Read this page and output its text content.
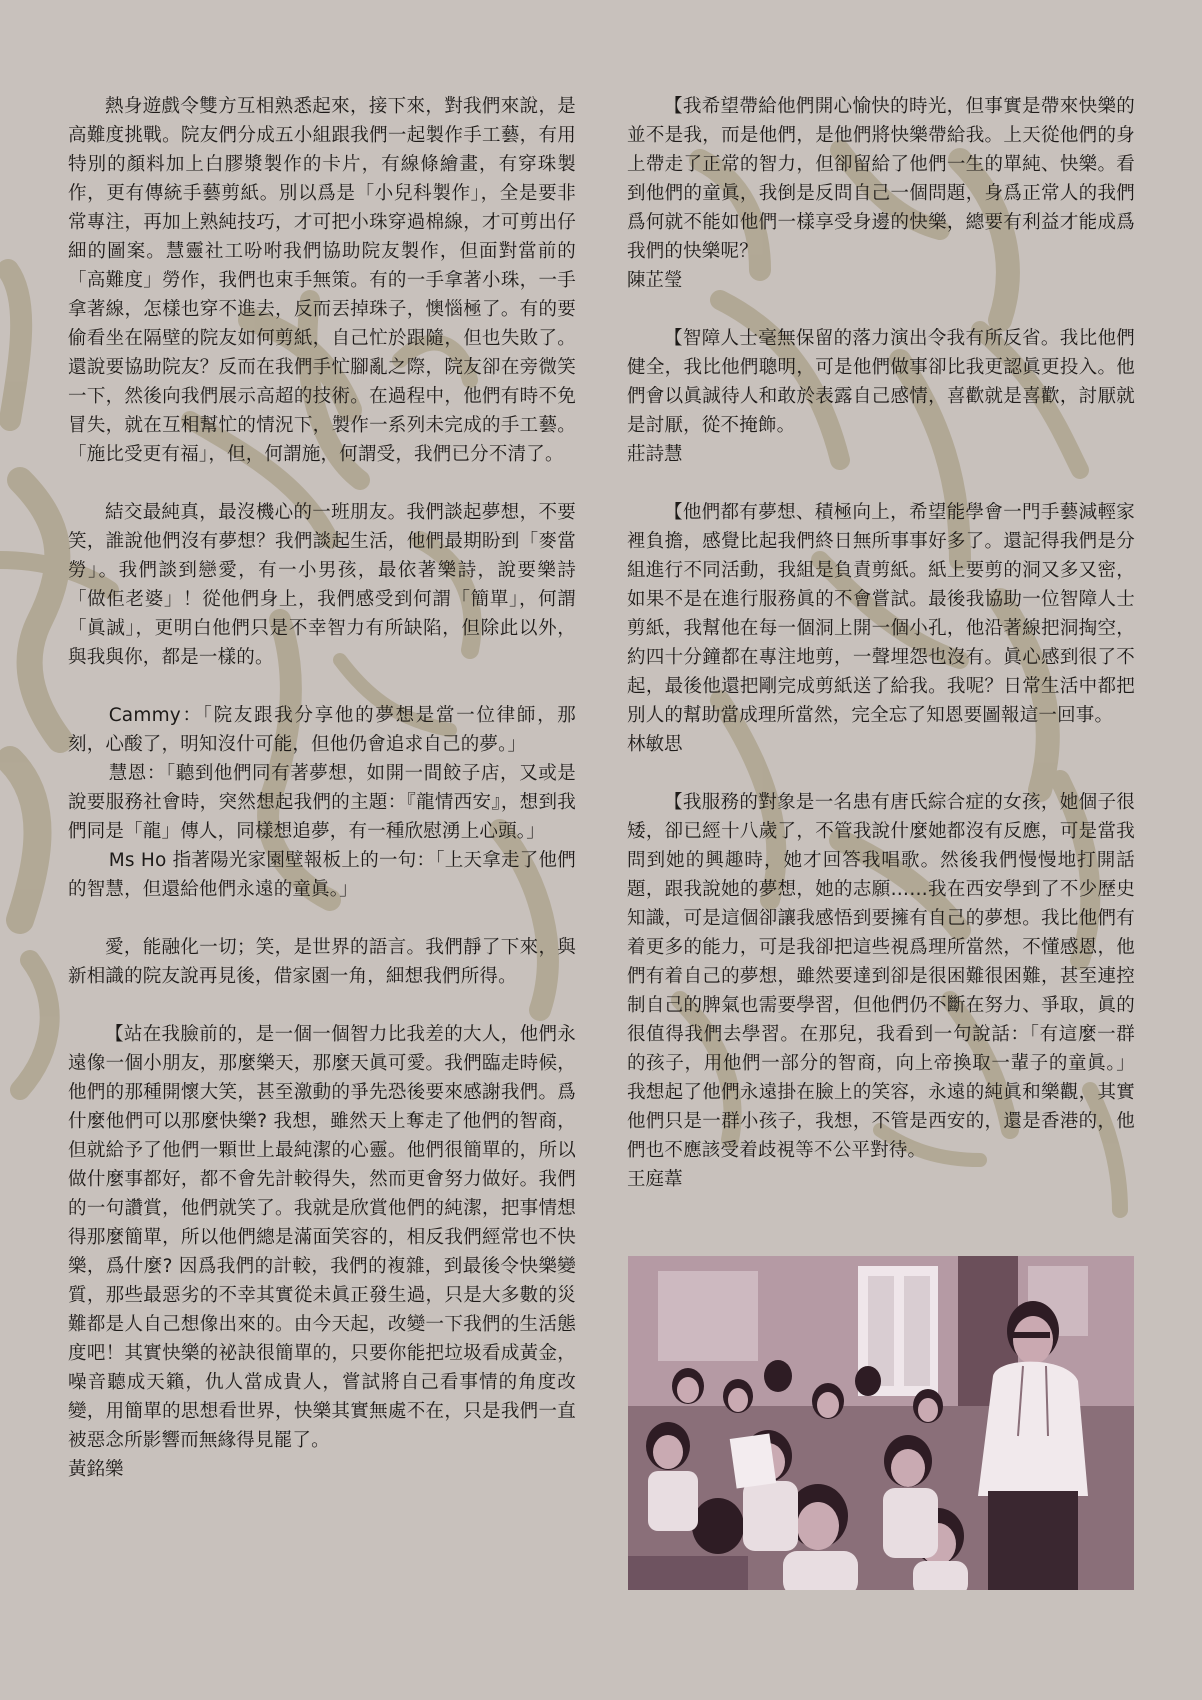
熱身遊戲令雙方互相熟悉起來，接下來，對我們來說，是高難度挑戰。院友們分成五小組跟我們一起製作手工藝，有用特別的顏料加上白膠漿製作的卡片，有線條繪畫，有穿珠製作，更有傳統手藝剪紙。別以爲是「小兒科製作」，全是要非常專注，再加上熟純技巧，才可把小珠穿過棉線，才可剪出仔細的圖案。慧靈社工吩咐我們協助院友製作，但面對當前的「高難度」勞作，我們也束手無策。有的一手拿著小珠，一手拿著線，怎樣也穿不進去，反而丟掉珠子，懊惱極了。有的要偷看坐在隔壁的院友如何剪紙，自己忙於跟隨，但也失敗了。還說要協助院友？反而在我們手忙腳亂之際，院友卻在旁微笑一下，然後向我們展示高超的技術。在過程中，他們有時不免冒失，就在互相幫忙的情況下，製作一系列未完成的手工藝。「施比受更有福」，但，何謂施，何謂受，我們已分不清了。

結交最純真，最沒機心的一班朋友。我們談起夢想，不要笑，誰說他們沒有夢想？我們談起生活，他們最期盼到「麥當勞」。我們談到戀愛，有一小男孩，最依著樂詩，說要樂詩「做佢老婆」！從他們身上，我們感受到何謂「簡單」，何謂「眞誠」，更明白他們只是不幸智力有所缺陷，但除此以外，與我與你，都是一樣的。

Cammy：「院友跟我分享他的夢想是當一位律師，那刻，心酸了，明知沒什可能，但他仍會追求自己的夢。」

慧恩：「聽到他們同有著夢想，如開一間餃子店，又或是說要服務社會時，突然想起我們的主題：『龍情西安』，想到我們同是「龍」傳人，同樣想追夢，有一種欣慰湧上心頭。」

Ms Ho 指著陽光家園壁報板上的一句：「上天拿走了他們的智慧，但還給他們永遠的童眞。」

愛，能融化一切；笑，是世界的語言。我們靜了下來，與新相識的院友說再見後，借家園一角，細想我們所得。

【站在我臉前的，是一個一個智力比我差的大人，他們永遠像一個小朋友，那麼樂天，那麼天眞可愛。我們臨走時候，他們的那種開懷大笑，甚至激動的爭先恐後要來感謝我們。爲什麼他們可以那麼快樂? 我想，雖然天上奪走了他們的智商，但就給予了他們一顆世上最純潔的心靈。他們很簡單的，所以做什麼事都好，都不會先計較得失，然而更會努力做好。我們的一句讚賞，他們就笑了。我就是欣賞他們的純潔，把事情想得那麼簡單，所以他們總是滿面笑容的，相反我們經常也不快樂，爲什麼? 因爲我們的計較，我們的複雜，到最後令快樂變質，那些最惡劣的不幸其實從未眞正發生過，只是大多數的災難都是人自己想像出來的。由今天起，改變一下我們的生活態度吧！其實快樂的祕訣很簡單的，只要你能把垃圾看成黃金，噪音聽成天籟，仇人當成貴人，嘗試將自己看事情的角度改變，用簡單的思想看世界，快樂其實無處不在，只是我們一直被惡念所影響而無緣得見罷了。

黃銘樂

【我希望帶給他們開心愉快的時光，但事實是帶來快樂的並不是我，而是他們，是他們將快樂帶給我。上天從他們的身上帶走了正常的智力，但卻留給了他們一生的單純、快樂。看到他們的童眞，我倒是反問自己一個問題，身爲正常人的我們爲何就不能如他們一樣享受身邊的快樂，總要有利益才能成爲我們的快樂呢？

陳芷瑩

【智障人士毫無保留的落力演出令我有所反省。我比他們健全，我比他們聰明，可是他們做事卻比我更認眞更投入。他們會以眞誠待人和敢於表露自己感情，喜歡就是喜歡，討厭就是討厭，從不掩飾。

莊詩慧

【他們都有夢想、積極向上，希望能學會一門手藝減輕家裡負擔，感覺比起我們終日無所事事好多了。還記得我們是分組進行不同活動，我組是負責剪紙。紙上要剪的洞又多又密，如果不是在進行服務眞的不會嘗試。最後我協助一位智障人士剪紙，我幫他在每一個洞上開一個小孔，他沿著線把洞掏空，約四十分鐘都在專注地剪，一聲埋怨也沒有。眞心感到很了不起，最後他還把剛完成剪紙送了給我。我呢？日常生活中都把別人的幫助當成理所當然，完全忘了知恩要圖報這一回事。

林敏思

【我服務的對象是一名患有唐氏綜合症的女孩，她個子很矮，卻已經十八歲了，不管我說什麼她都沒有反應，可是當我問到她的興趣時，她才回答我唱歌。然後我們慢慢地打開話題，跟我說她的夢想，她的志願……我在西安學到了不少歷史知識，可是這個卻讓我感悟到要擁有自己的夢想。我比他們有着更多的能力，可是我卻把這些視爲理所當然，不懂感恩，他們有着自己的夢想，雖然要達到卻是很困難很困難，甚至連控制自己的脾氣也需要學習，但他們仍不斷在努力、爭取，眞的很值得我們去學習。在那兒，我看到一句說話：「有這麼一群的孩子，用他們一部分的智商，向上帝換取一輩子的童眞。」我想起了他們永遠掛在臉上的笑容，永遠的純眞和樂觀，其實他們只是一群小孩子，我想，不管是西安的，還是香港的，他們也不應該受着歧視等不公平對待。

王庭葦
